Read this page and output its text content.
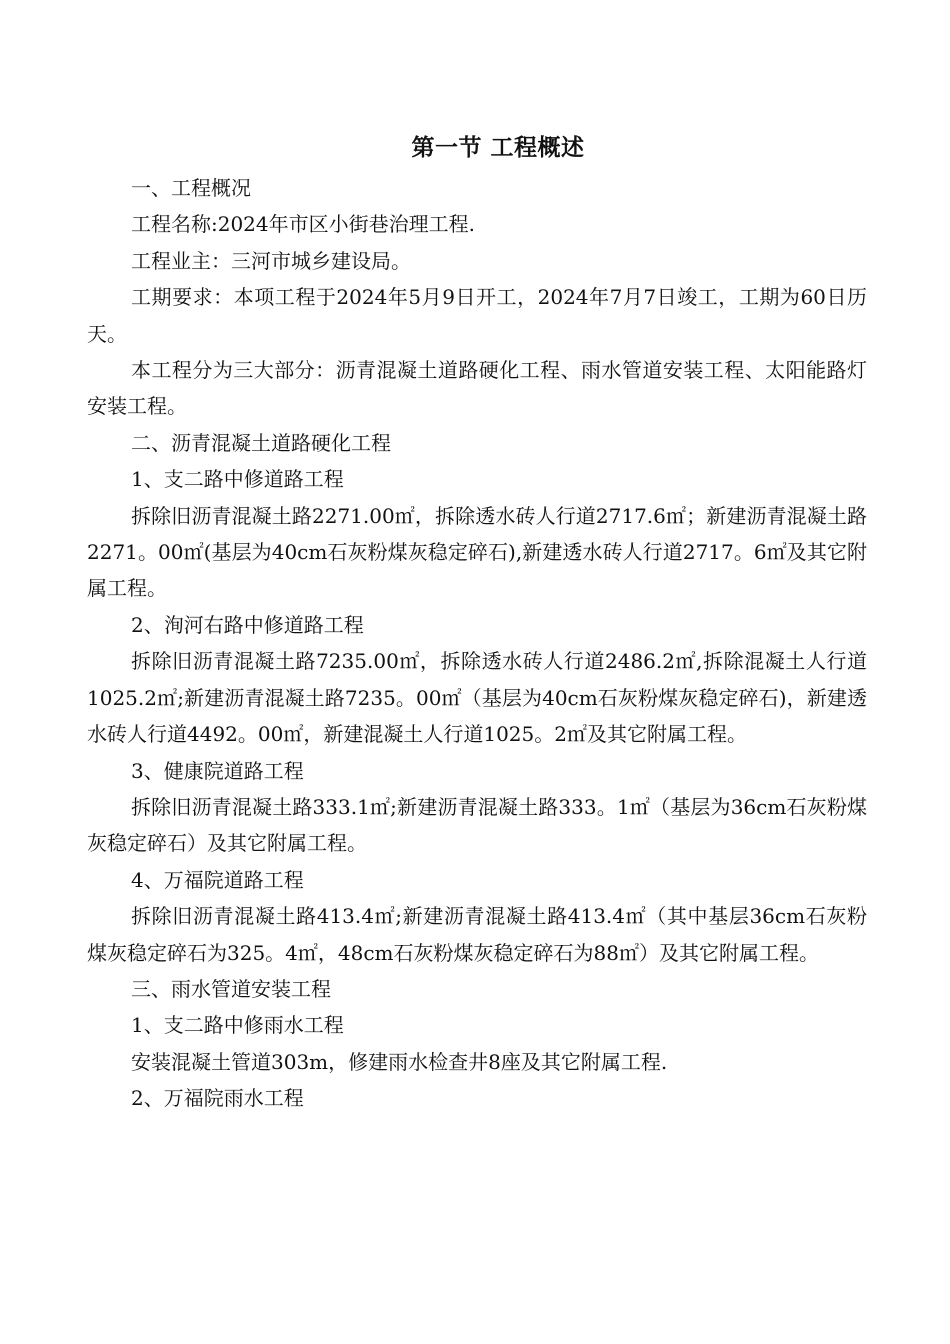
第一节 工程概述

一、工程概况

工程名称:2024年市区小街巷治理工程.

工程业主：三河市城乡建设局。

工期要求：本项工程于2024年5月9日开工，2024年7月7日竣工，工期为60日历天。

本工程分为三大部分：沥青混凝土道路硬化工程、雨水管道安装工程、太阳能路灯安装工程。

二、沥青混凝土道路硬化工程

1、支二路中修道路工程

拆除旧沥青混凝土路2271.00㎡，拆除透水砖人行道2717.6㎡；新建沥青混凝土路2271。00㎡(基层为40cm石灰粉煤灰稳定碎石),新建透水砖人行道2717。6㎡及其它附属工程。

2、洵河右路中修道路工程

拆除旧沥青混凝土路7235.00㎡，拆除透水砖人行道2486.2㎡,拆除混凝土人行道1025.2㎡;新建沥青混凝土路7235。00㎡（基层为40cm石灰粉煤灰稳定碎石)，新建透水砖人行道4492。00㎡，新建混凝土人行道1025。2㎡及其它附属工程。

3、健康院道路工程

拆除旧沥青混凝土路333.1㎡;新建沥青混凝土路333。1㎡（基层为36cm石灰粉煤灰稳定碎石）及其它附属工程。

4、万福院道路工程

拆除旧沥青混凝土路413.4㎡;新建沥青混凝土路413.4㎡（其中基层36cm石灰粉煤灰稳定碎石为325。4㎡，48cm石灰粉煤灰稳定碎石为88㎡）及其它附属工程。

三、雨水管道安装工程

1、支二路中修雨水工程

安装混凝土管道303m，修建雨水检查井8座及其它附属工程.

2、万福院雨水工程
